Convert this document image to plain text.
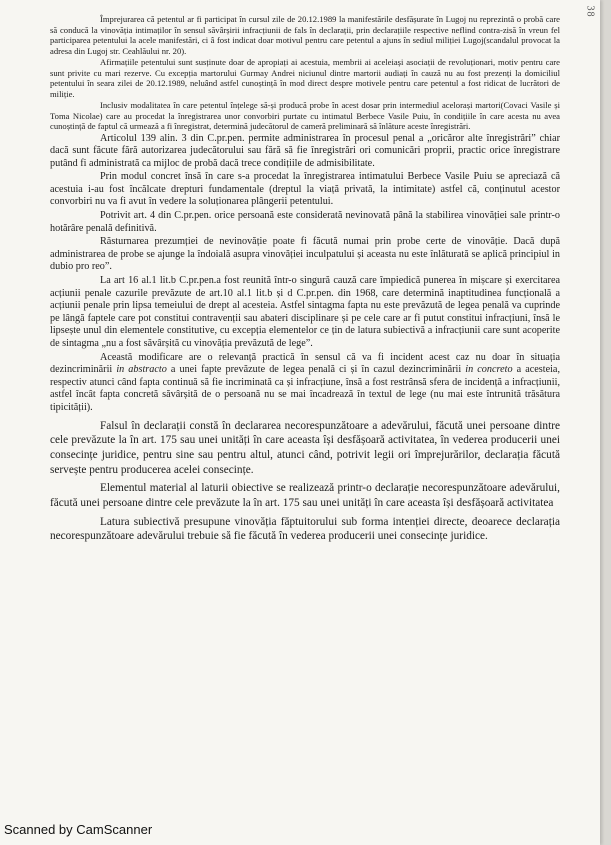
38

Împrejurarea că petentul ar fi participat în cursul zile de 20.12.1989 la manifestările desfășurate în Lugoj nu reprezintă o probă care să conducă la vinovăția intimaților în sensul săvârșirii infracțiunii de fals în declarații, prin declarațiile respective neflind contra-zisă în vreun fel participarea petentului la acele manifestări, ci â fost indicat doar motivul pentru care petentul a ajuns în sediul miliției Lugoj(scandalul provocat la adresa din Lugoj str. Ceahlăului nr. 20).

Afirmațiile petentului sunt susținute doar de apropiați ai acestuia, membrii ai aceleiași asociații de revoluționari, motiv pentru care sunt privite cu mari rezerve. Cu excepția martorului Gurmay Andrei niciunul dintre martorii audiați în cauză nu au fost prezenți la domiciliul petentului în seara zilei de 20.12.1989, neluând astfel cunoștință în mod direct despre motivele pentru care petentul a fost ridicat de lucrători de miliție.

Inclusiv modalitatea în care petentul înțelege să-și producă probe în acest dosar prin intermediul acelorași martori(Covaci Vasile și Toma Nicolae) care au procedat la înregistrarea unor convorbiri purtate cu intimatul Berbece Vasile Puiu, în condițiile în care acesta nu avea cunoștință de faptul că urmează a fi înregistrat, determină judecătorul de cameră preliminară să înlăture aceste înregistrări.

Articolul 139 alin. 3 din C.pr.pen. permite administrarea în procesul penal a „oricăror alte înregistrări” chiar dacă sunt făcute fără autorizarea judecătorului sau fără să fie înregistrări ori comunicări proprii, practic orice înregistrare putând fi administrată ca mijloc de probă dacă trece condițiile de admisibilitate.

Prin modul concret însă în care s-a procedat la înregistrarea intimatului Berbece Vasile Puiu se apreciază că acestuia i-au fost încălcate drepturi fundamentale (dreptul la viață privată, la intimitate) astfel că, conținutul acestor convorbiri nu va fi avut în vedere la soluționarea plângerii petentului.

Potrivit art. 4 din C.pr.pen. orice persoană este considerată nevinovată până la stabilirea vinovăției sale printr-o hotărâre penală definitivă.

Răsturnarea prezumției de nevinovăție poate fi făcută numai prin probe certe de vinovăție. Dacă după administrarea de probe se ajunge la îndoială asupra vinovăției inculpatului și aceasta nu este înlăturată se aplică principiul in dubio pro reo”.

La art 16 al.1 lit.b C.pr.pen.a fost reunită într-o singură cauză care împiedică punerea în mișcare și exercitarea acțiunii penale cazurile prevăzute de art.10 al.1 lit.b și d C.pr.pen. din 1968, care determină inaptitudinea funcțională a acțiunii penale prin lipsa temeiului de drept al acesteia. Astfel sintagma fapta nu este prevăzută de legea penală va cuprinde pe lângă faptele care pot constitui contravenții sau abateri disciplinare și pe cele care ar fi putut constitui infracțiuni, însă le lipsește unul din elementele constitutive, cu excepția elementelor ce țin de latura subiectivă a infracțiunii care sunt acoperite de sintagma „nu a fost săvârșită cu vinovăția prevăzută de lege”.

Această modificare are o relevanță practică în sensul că va fi incident acest caz nu doar în situația dezincriminării in abstracto a unei fapte prevăzute de legea penală ci și în cazul dezincriminării in concreto a acesteia, respectiv atunci când fapta continuă să fie incriminată ca și infracțiune, însă a fost restrânsă sfera de incidență a infracțiunii, astfel încât fapta concretă săvârșită de o persoană nu se mai încadrează în textul de lege (nu mai este întrunită trăsătura tipicității).

Falsul în declarații constă în declararea necorespunzătoare a adevărului, făcută unei persoane dintre cele prevăzute la în art. 175 sau unei unități în care aceasta își desfășoară activitatea, în vederea producerii unei consecințe juridice, pentru sine sau pentru altul, atunci când, potrivit legii ori împrejurărilor, declarația făcută servește pentru producerea acelei consecințe.

Elementul material al laturii obiective se realizează printr-o declarație necorespunzătoare adevărului, făcută unei persoane dintre cele prevăzute la în art. 175 sau unei unități în care aceasta își desfășoară activitatea

Latura subiectivă presupune vinovăția făptuitorului sub forma intenției directe, deoarece declarația necorespunzătoare adevărului trebuie să fie făcută în vederea producerii unei consecințe juridice.

Scanned by CamScanner
